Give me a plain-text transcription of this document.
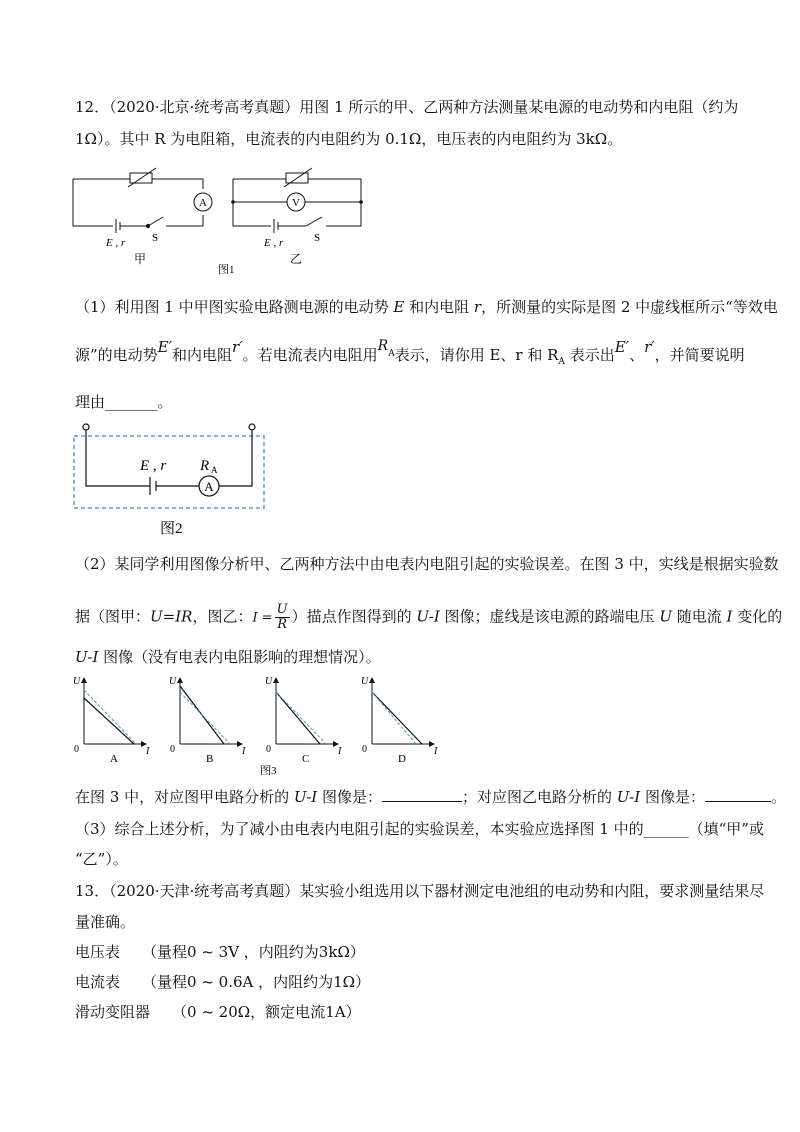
12．（2020·北京·统考高考真题）用图 1 所示的甲、乙两种方法测量某电源的电动势和内电阻（约为
1Ω）。其中 R 为电阻箱，电流表的内电阻约为 0.1Ω，电压表的内电阻约为 3kΩ。
A	V
E , r S	E , r	S
甲	乙
图1
（1）利用图 1 中甲图实验电路测电源的电动势 E 和内电阻 r，所测量的实际是图 2 中虚线框所示“等效电
源”的电动势E′和内电阻r′。若电流表内电阻用$R_A$表示，请你用 E、r 和 $R_A$ 表示出E′、r′，并简要说明
理由_______。
A
E , r R A
图2
（2）某同学利用图像分析甲、乙两种方法中由电表内电阻引起的实验误差。在图 3 中，实线是根据实验数
据（图甲：U=IR，图乙：$I = \frac{U}{R}$ ）描点作图得到的 U-I 图像；虚线是该电源的路端电压 U 随电流 I 变化的
U-I 图像（没有电表内电阻影响的理想情况）。
U
I
0
A
U
I
0
B
U
I
0
C
U
I
0
D
图3
在图 3 中，对应图甲电路分析的 U-I 图像是：	；对应图乙电路分析的 U-I 图像是：	。
（3）综合上述分析，为了减小由电表内电阻引起的实验误差，本实验应选择图 1 中的______（填“甲”或
“乙”）。
13．（2020·天津·统考高考真题）某实验小组选用以下器材测定电池组的电动势和内阻，要求测量结果尽
量准确。
电压表 （量程0 ~ 3V ，内阻约为3kΩ）
电流表 （量程0 ~ 0.6A ，内阻约为1Ω）
滑动变阻器 （0 ~ 20Ω，额定电流1A）
